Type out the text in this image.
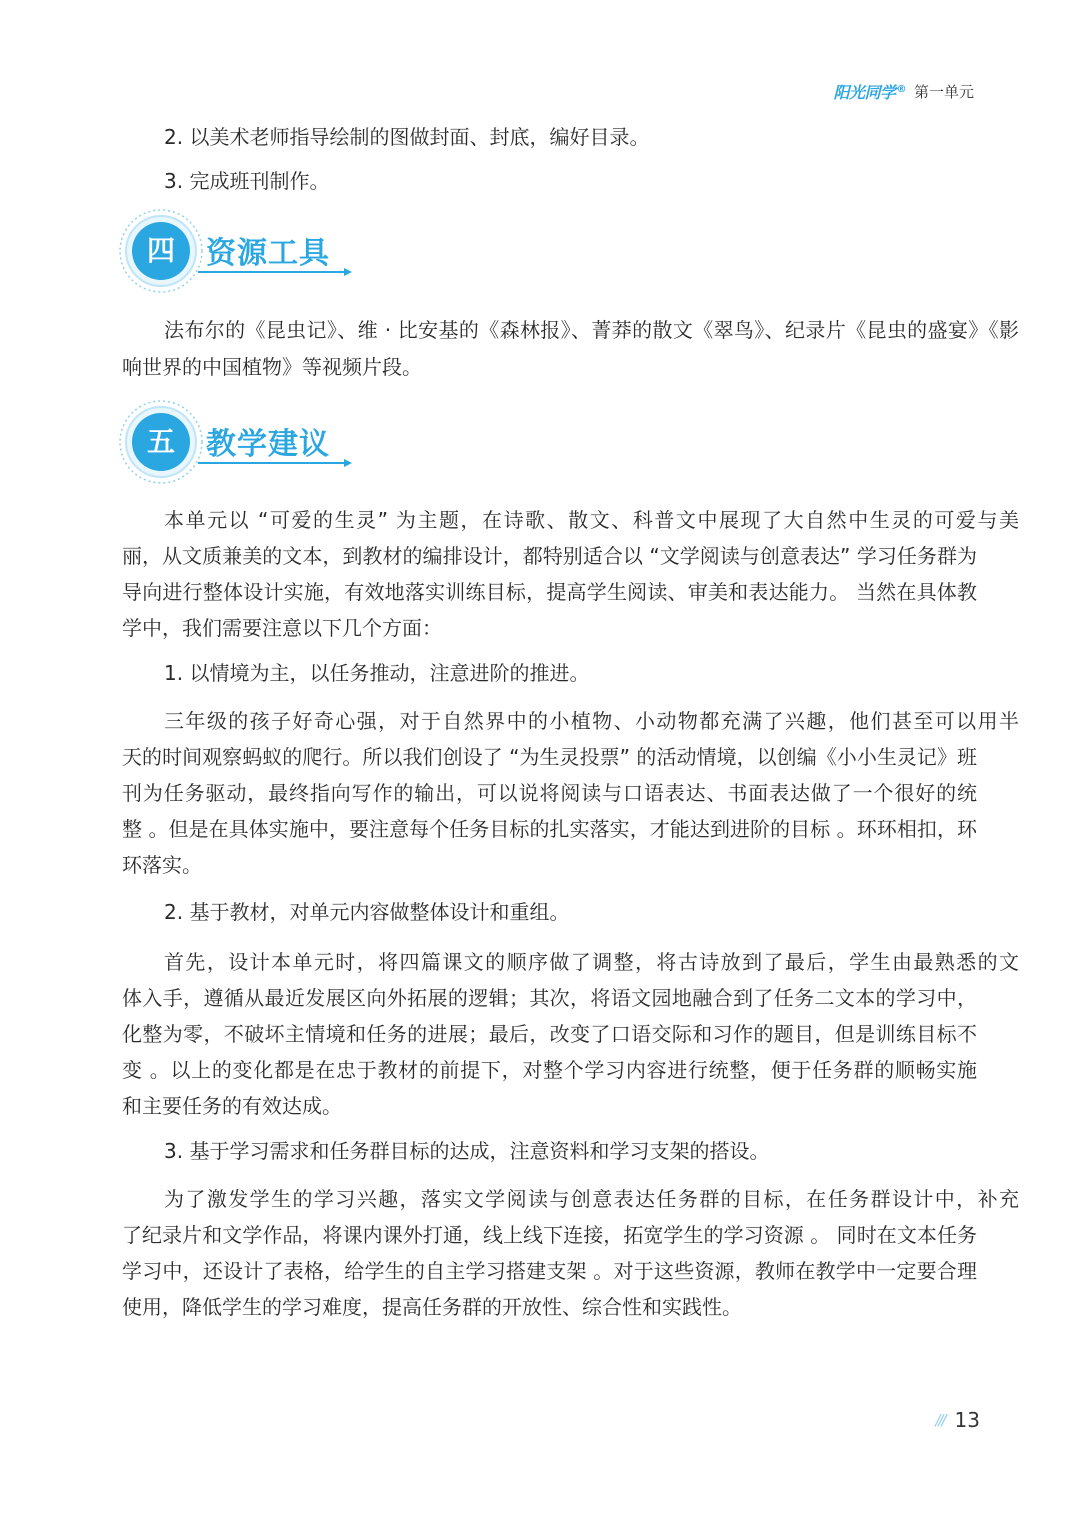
阳光同学® 第一单元
2. 以美术老师指导绘制的图做封面、封底，编好目录。
3. 完成班刊制作。
法布尔的《昆虫记》、维 · 比安基的《森林报》、菁莽的散文《翠鸟》、纪录片《昆虫的盛宴》《影
响世界的中国植物》等视频片段。
本单元以 “可爱的生灵” 为主题，在诗歌、散文、科普文中展现了大自然中生灵的可爱与美
丽，从文质兼美的文本，到教材的编排设计，都特别适合以 “文学阅读与创意表达” 学习任务群为
导向进行整体设计实施，有效地落实训练目标，提高学生阅读、审美和表达能力。 当然在具体教
学中，我们需要注意以下几个方面：
1. 以情境为主，以任务推动，注意进阶的推进。
三年级的孩子好奇心强，对于自然界中的小植物、小动物都充满了兴趣，他们甚至可以用半
天的时间观察蚂蚁的爬行。所以我们创设了 “为生灵投票” 的活动情境，以创编《小小生灵记》班
刊为任务驱动，最终指向写作的输出，可以说将阅读与口语表达、书面表达做了一个很好的统
整 。但是在具体实施中，要注意每个任务目标的扎实落实，才能达到进阶的目标 。环环相扣，环
环落实。
2. 基于教材，对单元内容做整体设计和重组。
首先，设计本单元时，将四篇课文的顺序做了调整，将古诗放到了最后，学生由最熟悉的文
体入手，遵循从最近发展区向外拓展的逻辑；其次，将语文园地融合到了任务二文本的学习中，
化整为零，不破坏主情境和任务的进展；最后，改变了口语交际和习作的题目，但是训练目标不
变 。以上的变化都是在忠于教材的前提下，对整个学习内容进行统整，便于任务群的顺畅实施
和主要任务的有效达成。
3. 基于学习需求和任务群目标的达成，注意资料和学习支架的搭设。
为了激发学生的学习兴趣，落实文学阅读与创意表达任务群的目标，在任务群设计中，补充
了纪录片和文学作品，将课内课外打通，线上线下连接，拓宽学生的学习资源 。 同时在文本任务
学习中，还设计了表格，给学生的自主学习搭建支架 。对于这些资源，教师在教学中一定要合理
使用，降低学生的学习难度，提高任务群的开放性、综合性和实践性。
四	资源工具
五	教学建议
/// 13
